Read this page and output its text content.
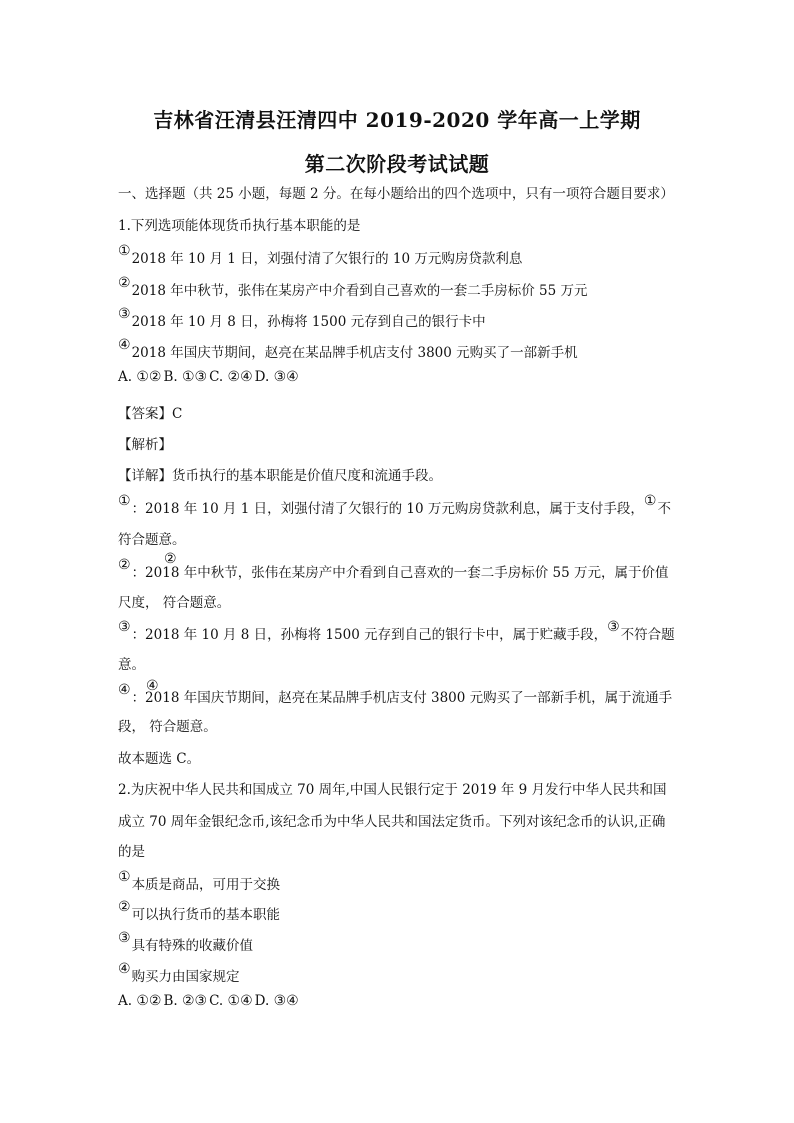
吉林省汪清县汪清四中 2019-2020 学年高一上学期
第二次阶段考试试题
一、选择题（共 25 小题，每题 2 分。在每小题给出的四个选项中，只有一项符合题目要求）
1.下列选项能体现货币执行基本职能的是
①2018 年 10 月 1 日，刘强付清了欠银行的 10 万元购房贷款利息
②2018 年中秋节，张伟在某房产中介看到自己喜欢的一套二手房标价 55 万元
③2018 年 10 月 8 日，孙梅将 1500 元存到自己的银行卡中
④2018 年国庆节期间，赵亮在某品牌手机店支付 3800 元购买了一部新手机
A. ①② B. ①③ C. ②④ D. ③④
【答案】C
【解析】
【详解】货币执行的基本职能是价值尺度和流通手段。
①：2018 年 10 月 1 日，刘强付清了欠银行的 10 万元购房贷款利息，属于支付手段，①不
符合题意。
② ②
：2018 年中秋节，张伟在某房产中介看到自己喜欢的一套二手房标价 55 万元，属于价值
尺度， 符合题意。
③：2018 年 10 月 8 日，孙梅将 1500 元存到自己的银行卡中，属于贮藏手段，③不符合题
意。
④ ④
：2018 年国庆节期间，赵亮在某品牌手机店支付 3800 元购买了一部新手机，属于流通手
段， 符合题意。
故本题选 C。
2.为庆祝中华人民共和国成立 70 周年,中国人民银行定于 2019 年 9 月发行中华人民共和国
成立 70 周年金银纪念币,该纪念币为中华人民共和国法定货币。下列对该纪念币的认识,正确
的是
①本质是商品，可用于交换
②可以执行货币的基本职能
③具有特殊的收藏价值
④购买力由国家规定
A. ①② B. ②③ C. ①④ D. ③④
